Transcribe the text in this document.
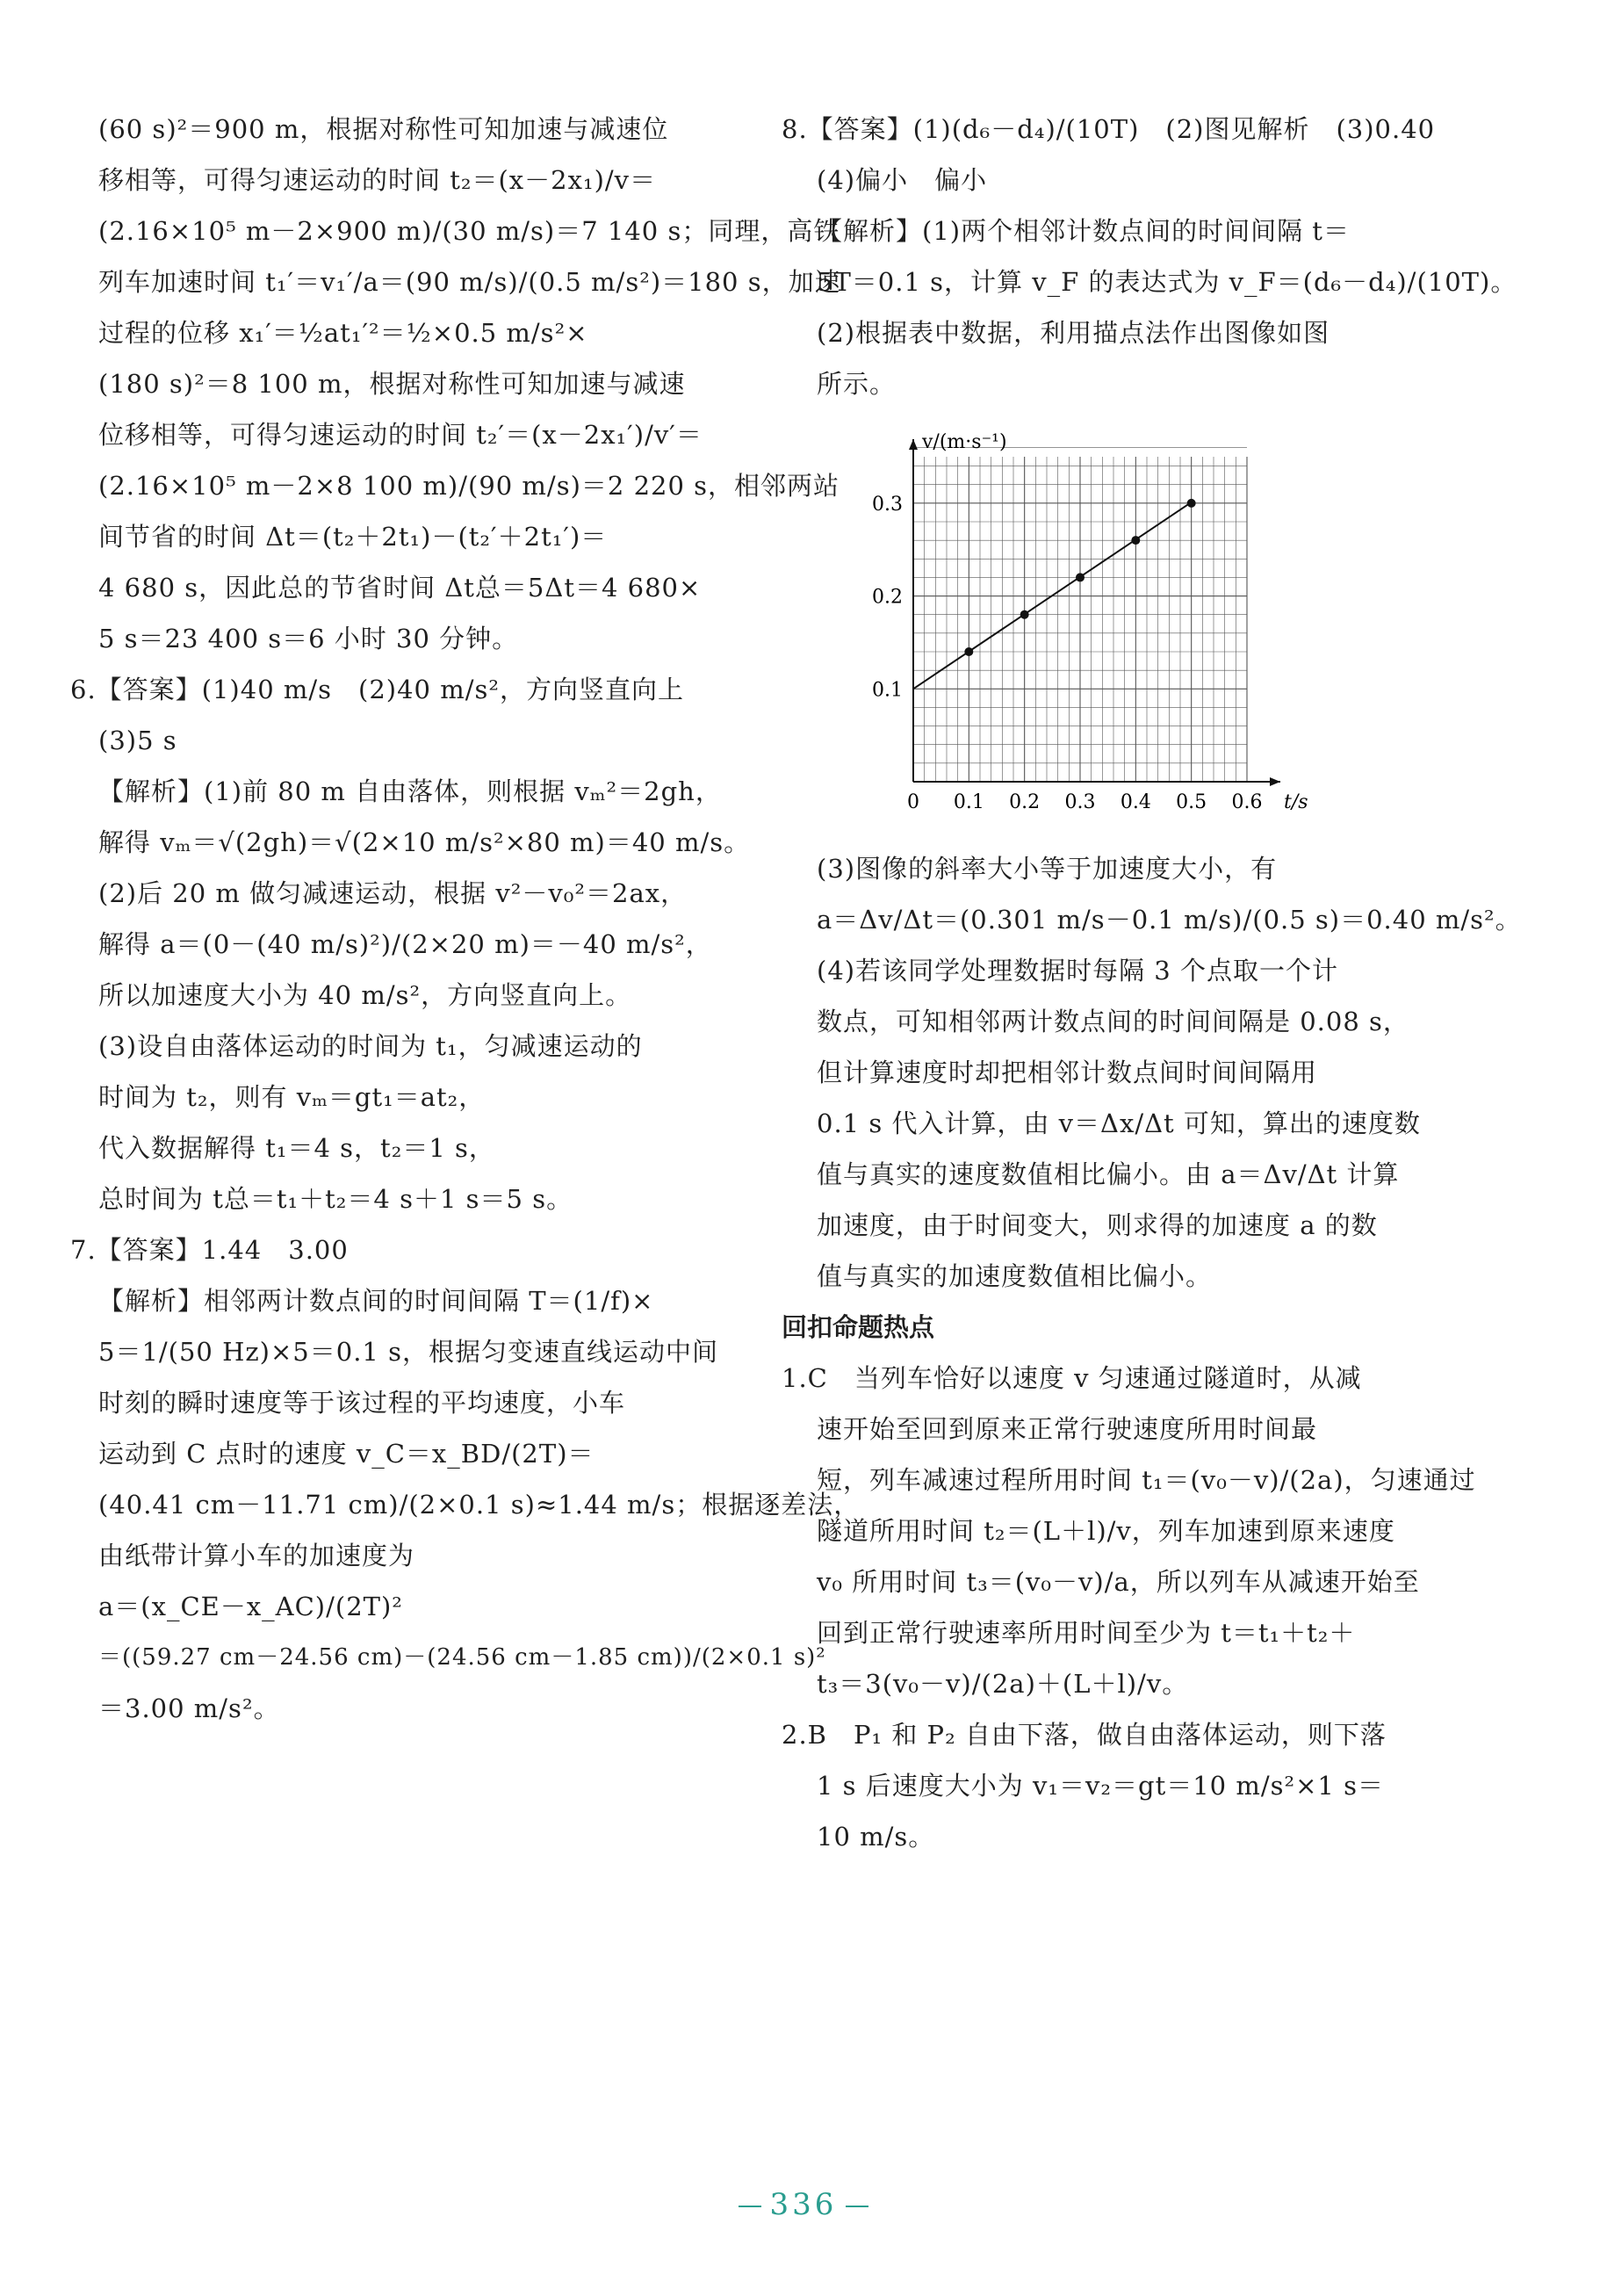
(60 s)²＝900 m，根据对称性可知加速与减速位
移相等，可得匀速运动的时间 t₂＝(x－2x₁)/v＝
(2.16×10⁵ m－2×900 m)/(30 m/s)＝7 140 s；同理，高铁
列车加速时间 t₁′＝v₁′/a＝(90 m/s)/(0.5 m/s²)＝180 s，加速
过程的位移 x₁′＝½at₁′²＝½×0.5 m/s²×
(180 s)²＝8 100 m，根据对称性可知加速与减速
位移相等，可得匀速运动的时间 t₂′＝(x－2x₁′)/v′＝
(2.16×10⁵ m－2×8 100 m)/(90 m/s)＝2 220 s，相邻两站
间节省的时间 Δt＝(t₂＋2t₁)－(t₂′＋2t₁′)＝
4 680 s，因此总的节省时间 Δt总＝5Δt＝4 680×
5 s＝23 400 s＝6 小时 30 分钟。
6.【答案】(1)40 m/s　(2)40 m/s²，方向竖直向上
(3)5 s
【解析】(1)前 80 m 自由落体，则根据 vₘ²＝2gh，
解得 vₘ＝√(2gh)＝√(2×10 m/s²×80 m)＝40 m/s。
(2)后 20 m 做匀减速运动，根据 v²－v₀²＝2ax，
解得 a＝(0－(40 m/s)²)/(2×20 m)＝－40 m/s²，
所以加速度大小为 40 m/s²，方向竖直向上。
(3)设自由落体运动的时间为 t₁，匀减速运动的
时间为 t₂，则有 vₘ＝gt₁＝at₂，
代入数据解得 t₁＝4 s，t₂＝1 s，
总时间为 t总＝t₁＋t₂＝4 s＋1 s＝5 s。
7.【答案】1.44　3.00
【解析】相邻两计数点间的时间间隔 T＝(1/f)×
5＝1/(50 Hz)×5＝0.1 s，根据匀变速直线运动中间
时刻的瞬时速度等于该过程的平均速度，小车
运动到 C 点时的速度 v_C＝x_BD/(2T)＝
(40.41 cm－11.71 cm)/(2×0.1 s)≈1.44 m/s；根据逐差法，
由纸带计算小车的加速度为
a＝(x_CE－x_AC)/(2T)²
＝((59.27 cm－24.56 cm)－(24.56 cm－1.85 cm))/(2×0.1 s)²
＝3.00 m/s²。
8.【答案】(1)(d₆－d₄)/(10T)　(2)图见解析　(3)0.40
(4)偏小　偏小
【解析】(1)两个相邻计数点间的时间间隔 t＝
5T＝0.1 s，计算 v_F 的表达式为 v_F＝(d₆－d₄)/(10T)。
(2)根据表中数据，利用描点法作出图像如图
所示。
0 0.1 0.2 0.3 0.4 0.5 0.6
0.1
0.2
0.3
v/(m·s⁻¹)
t/s
(3)图像的斜率大小等于加速度大小，有
a＝Δv/Δt＝(0.301 m/s－0.1 m/s)/(0.5 s)＝0.40 m/s²。
(4)若该同学处理数据时每隔 3 个点取一个计
数点，可知相邻两计数点间的时间间隔是 0.08 s，
但计算速度时却把相邻计数点间时间间隔用
0.1 s 代入计算，由 v＝Δx/Δt 可知，算出的速度数
值与真实的速度数值相比偏小。由 a＝Δv/Δt 计算
加速度，由于时间变大，则求得的加速度 a 的数
值与真实的加速度数值相比偏小。
回扣命题热点
1.C　当列车恰好以速度 v 匀速通过隧道时，从减
速开始至回到原来正常行驶速度所用时间最
短，列车减速过程所用时间 t₁＝(v₀－v)/(2a)，匀速通过
隧道所用时间 t₂＝(L＋l)/v，列车加速到原来速度
v₀ 所用时间 t₃＝(v₀－v)/a，所以列车从减速开始至
回到正常行驶速率所用时间至少为 t＝t₁＋t₂＋
t₃＝3(v₀－v)/(2a)＋(L＋l)/v。
2.B　P₁ 和 P₂ 自由下落，做自由落体运动，则下落
1 s 后速度大小为 v₁＝v₂＝gt＝10 m/s²×1 s＝
10 m/s。
336
